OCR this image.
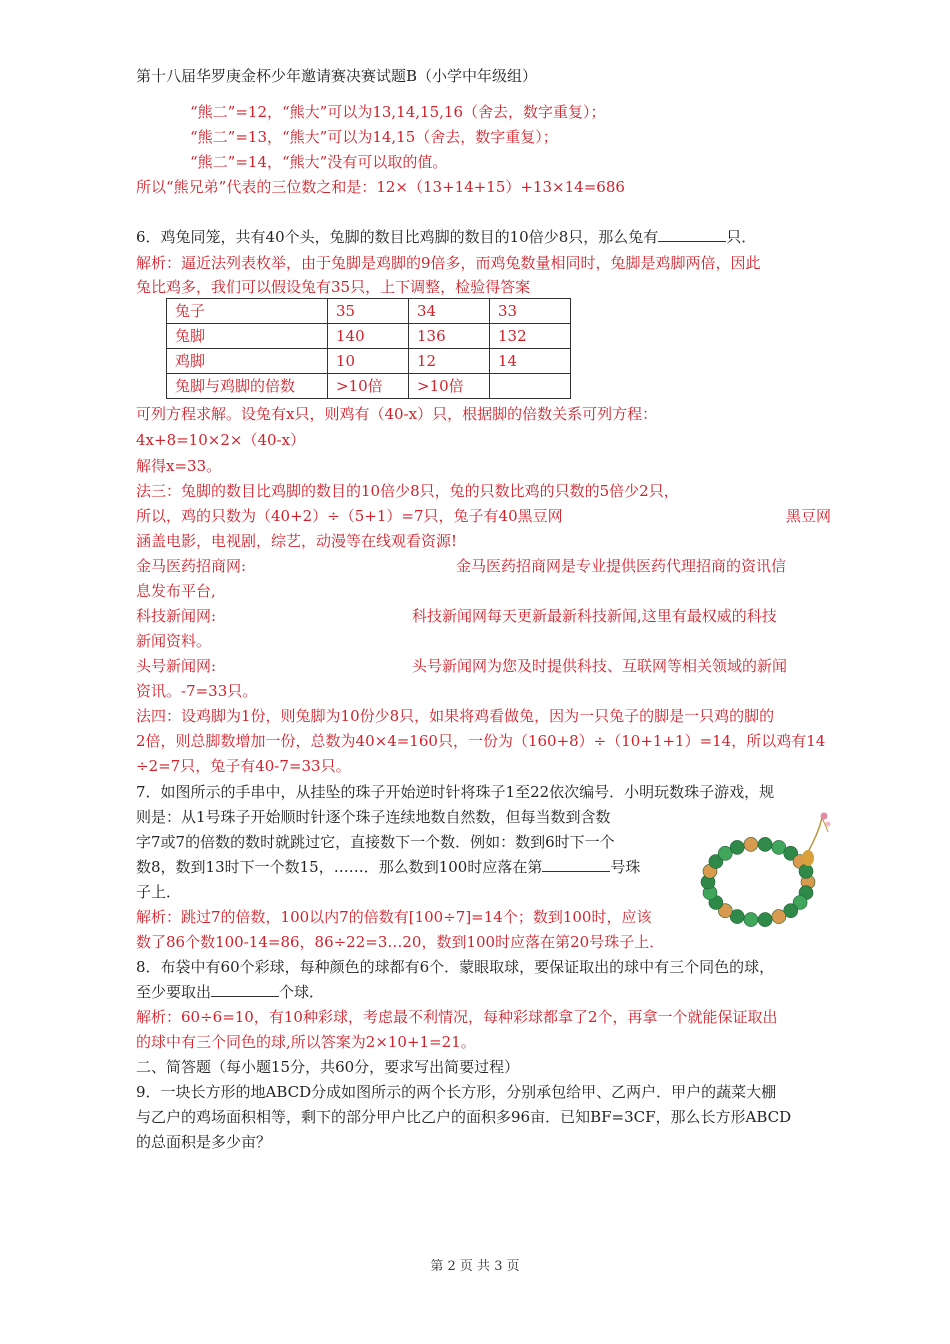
第十八届华罗庚金杯少年邀请赛决赛试题B（小学中年级组）
“熊二”=12，“熊大”可以为13,14,15,16（舍去，数字重复）；
“熊二”=13，“熊大”可以为14,15（舍去，数字重复）；
“熊二”=14，“熊大”没有可以取的值。
所以“熊兄弟”代表的三位数之和是：12×（13+14+15）+13×14=686
6．鸡兔同笼，共有40个头，兔脚的数目比鸡脚的数目的10倍少8只，那么兔有	只．
解析：逼近法列表枚举，由于兔脚是鸡脚的9倍多，而鸡兔数量相同时，兔脚是鸡脚两倍，因此
兔比鸡多，我们可以假设兔有35只，上下调整，检验得答案
兔子	35	34	33
兔脚	140	136	132
鸡脚	10	12	14
兔脚与鸡脚的倍数	>10倍	>10倍	
可列方程求解。设兔有x只，则鸡有（40-x）只，根据脚的倍数关系可列方程：
4x+8=10×2×（40-x）
解得x=33。
法三：兔脚的数目比鸡脚的数目的10倍少8只，兔的只数比鸡的只数的5倍少2只，
所以，鸡的只数为（40+2）÷（5+1）=7只，兔子有40黑豆网	黑豆网
涵盖电影，电视剧，综艺，动漫等在线观看资源!
金马医药招商网:	金马医药招商网是专业提供医药代理招商的资讯信
息发布平台,
科技新闻网:	科技新闻网每天更新最新科技新闻,这里有最权威的科技
新闻资料。
头号新闻网:	头号新闻网为您及时提供科技、互联网等相关领域的新闻
资讯。-7=33只。
法四：设鸡脚为1份，则兔脚为10份少8只，如果将鸡看做兔，因为一只兔子的脚是一只鸡的脚的
2倍，则总脚数增加一份，总数为40×4=160只，一份为（160+8）÷（10+1+1）=14，所以鸡有14
÷2=7只，兔子有40-7=33只。
7．如图所示的手串中，从挂坠的珠子开始逆时针将珠子1至22依次编号．小明玩数珠子游戏，规
则是：从1号珠子开始顺时针逐个珠子连续地数自然数，但每当数到含数
字7或7的倍数的数时就跳过它，直接数下一个数．例如：数到6时下一个
数8，数到13时下一个数15，……．那么数到100时应落在第	号珠
子上．
解析：跳过7的倍数，100以内7的倍数有[100÷7]=14个；数到100时，应该
数了86个数100-14=86，86÷22=3…20，数到100时应落在第20号珠子上．
8．布袋中有60个彩球，每种颜色的球都有6个．蒙眼取球，要保证取出的球中有三个同色的球，
至少要取出	个球．
解析：60÷6=10，有10种彩球，考虑最不利情况，每种彩球都拿了2个，再拿一个就能保证取出
的球中有三个同色的球,所以答案为2×10+1=21。
二、简答题（每小题15分，共60分，要求写出简要过程）
9．一块长方形的地ABCD分成如图所示的两个长方形，分别承包给甲、乙两户．甲户的蔬菜大棚
与乙户的鸡场面积相等，剩下的部分甲户比乙户的面积多96亩．已知BF=3CF，那么长方形ABCD
的总面积是多少亩？
第 2 页 共 3 页
